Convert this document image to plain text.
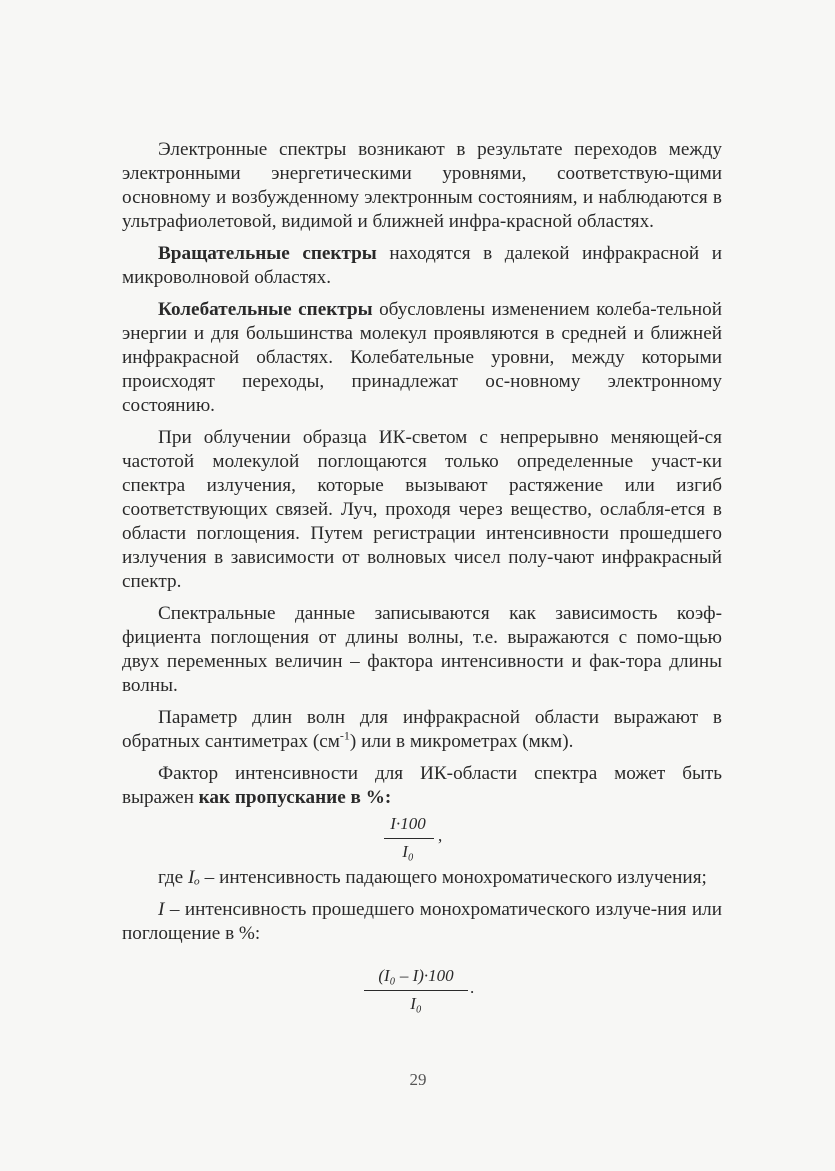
Электронные спектры возникают в результате переходов между электронными энергетическими уровнями, соответствую-щими основному и возбужденному электронным состояниям, и наблюдаются в ультрафиолетовой, видимой и ближней инфра-красной областях.

Вращательные спектры находятся в далекой инфракрасной и микроволновой областях.

Колебательные спектры обусловлены изменением колеба-тельной энергии и для большинства молекул проявляются в средней и ближней инфракрасной областях. Колебательные уровни, между которыми происходят переходы, принадлежат ос-новному электронному состоянию.

При облучении образца ИК-светом с непрерывно меняющей-ся частотой молекулой поглощаются только определенные участ-ки спектра излучения, которые вызывают растяжение или изгиб соответствующих связей. Луч, проходя через вещество, ослабля-ется в области поглощения. Путем регистрации интенсивности прошедшего излучения в зависимости от волновых чисел полу-чают инфракрасный спектр.

Спектральные данные записываются как зависимость коэф-фициента поглощения от длины волны, т.е. выражаются с помо-щью двух переменных величин – фактора интенсивности и фак-тора длины волны.

Параметр длин волн для инфракрасной области выражают в обратных сантиметрах $(см^{-1})$ или в микрометрах (мкм).

Фактор интенсивности для ИК-области спектра может быть выражен как пропускание в %:

I·100
I₀
,

где Iₒ – интенсивность падающего монохроматического излучения;

I – интенсивность прошедшего монохроматического излуче-ния или поглощение в %:

(I₀ – I)·100
I₀
.
29
